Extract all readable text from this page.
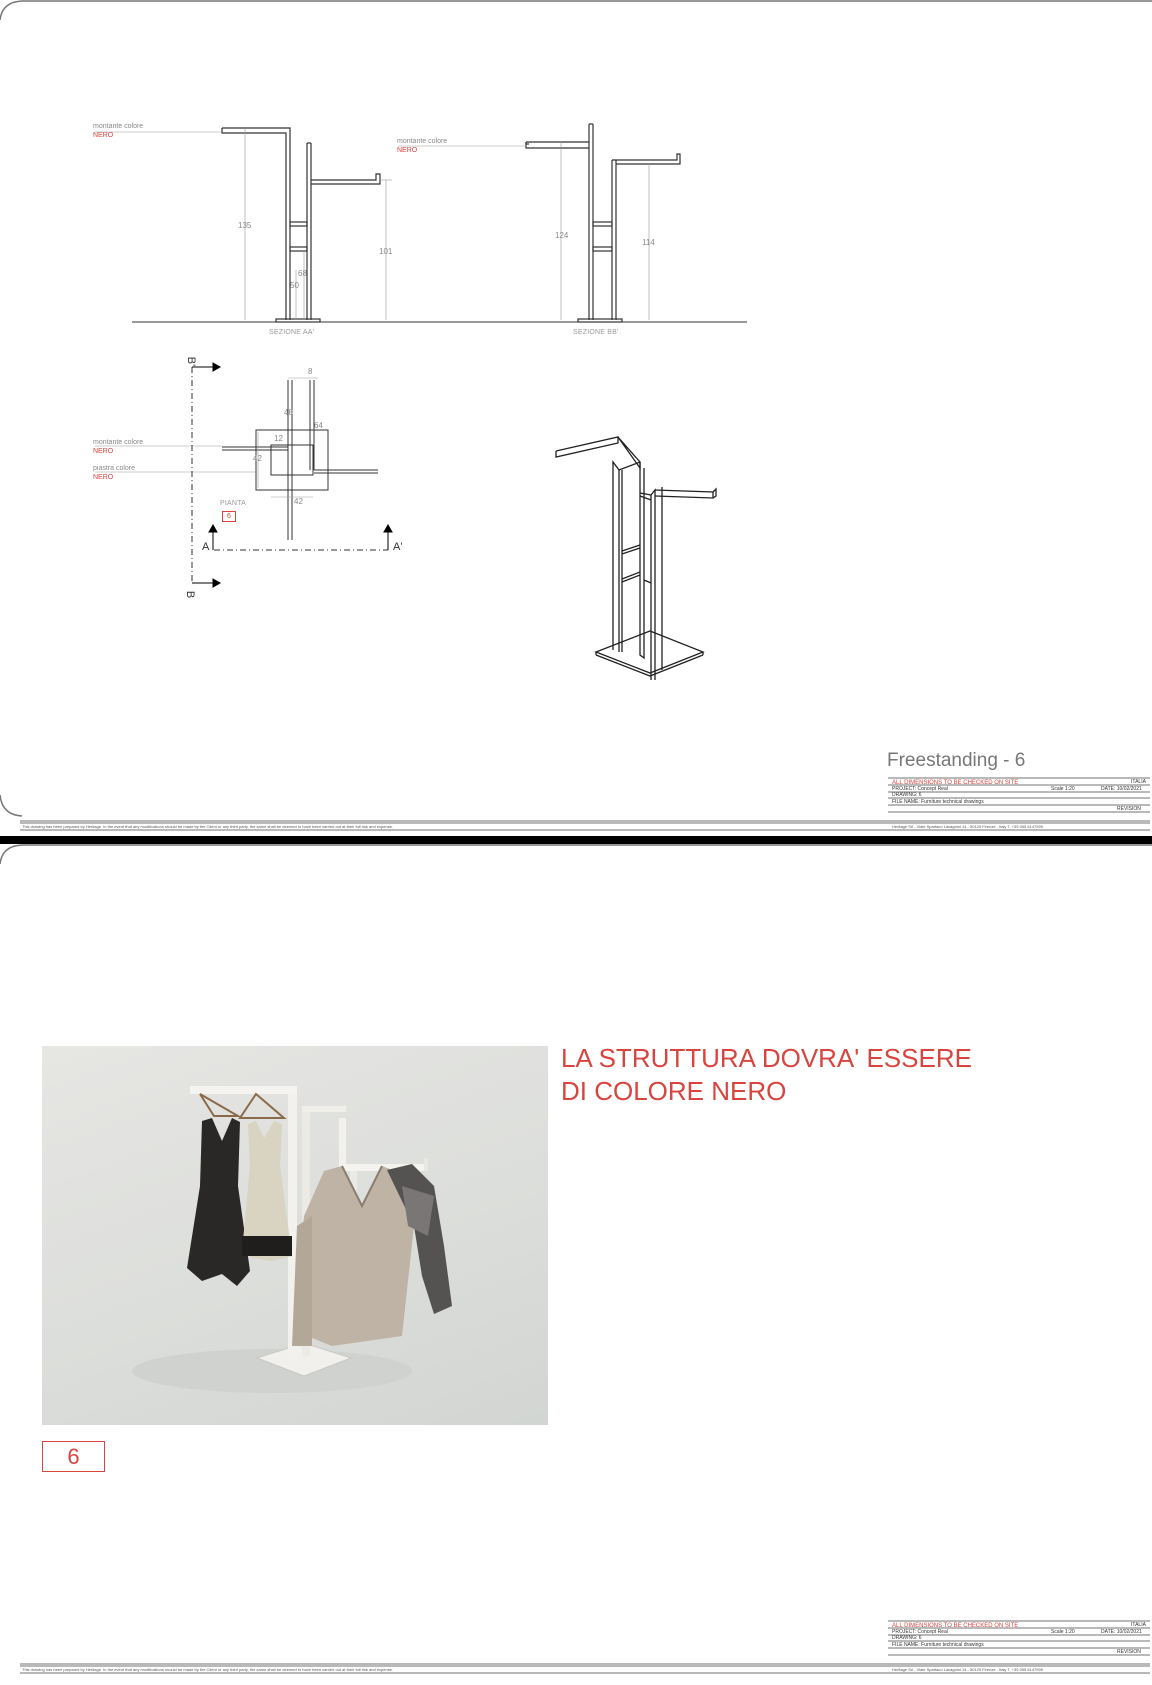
montante colore
NERO
montante colore
NERO
montante colore
NERO
piastra colore
NERO
135
101
68
50
124
114
48
8
64
12
42
42
SEZIONE AA'	SEZIONE BB'
PIANTA
6
A	A'
B'
B
Freestanding - 6
ALL DIMENSIONS TO BE CHECKED ON SITE	ITALIA
PROJECT: Concept Real	Scale 1:20	DATE: 10/02/2021
DRAWING: 6
FILE NAME: Furniture technical drawings
REVISION
This drawing has been prepared by Heritage. In the event that any modifications should be made by the Client or any third party, the same shall be deemed to have been carried out at their full risk and expense.	Heritage Srl - Viale Spartaco Lavagnini 14 - 50129 Firenze - Italy T. +39 055 6147999
LA STRUTTURA DOVRA' ESSERE
DI COLORE NERO
6
ALL DIMENSIONS TO BE CHECKED ON SITE	ITALIA
PROJECT: Concept Real	Scale 1:20	DATE: 10/02/2021
DRAWING: 6
FILE NAME: Furniture technical drawings
REVISION
This drawing has been prepared by Heritage. In the event that any modifications should be made by the Client or any third party, the same shall be deemed to have been carried out at their full risk and expense.	Heritage Srl - Viale Spartaco Lavagnini 14 - 50129 Firenze - Italy T. +39 055 6147999
